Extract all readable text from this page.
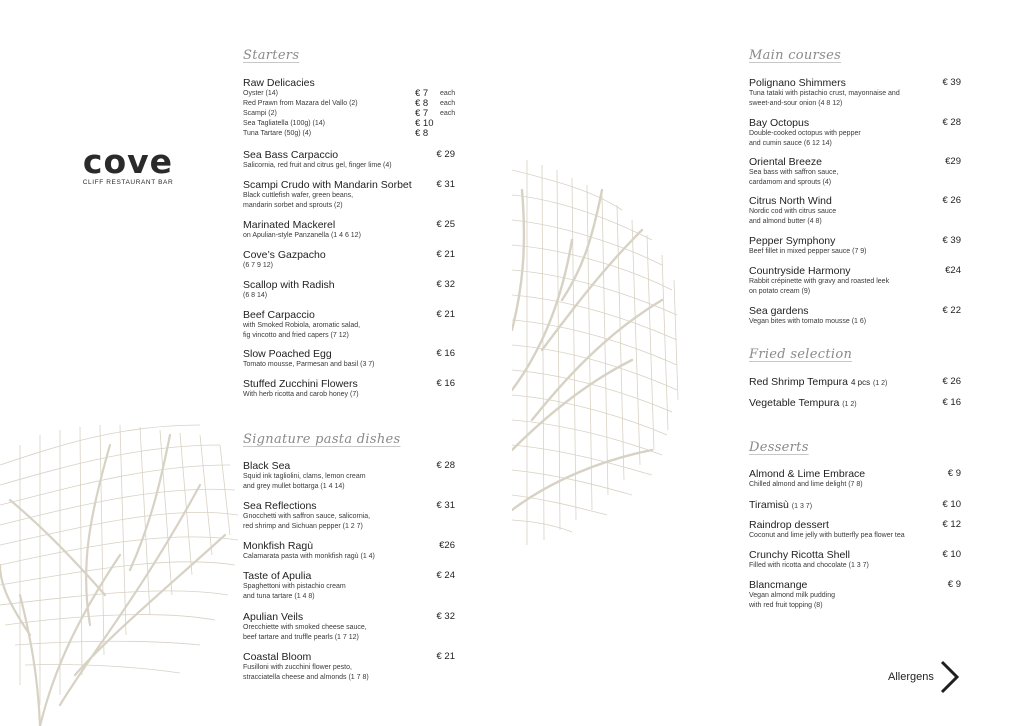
cove
CLIFF RESTAURANT BAR
Starters
Raw Delicacies
Oyster (14)	€ 7 each
Red Prawn from Mazara del Vallo (2)	€ 8 each
Scampi (2)	€ 7 each
Sea Tagliatella (100g) (14)	€ 10
Tuna Tartare (50g) (4)	€ 8
Sea Bass Carpaccio	€ 29
Salicornia, red fruit and citrus gel, finger lime (4)
Scampi Crudo with Mandarin Sorbet	€ 31
Black cuttlefish wafer, green beans,
mandarin sorbet and sprouts (2)
Marinated Mackerel	€ 25
on Apulian-style Panzanella (1 4 6 12)
Cove’s Gazpacho	€ 21
(6 7 9 12)
Scallop with Radish	€ 32
(6 8 14)
Beef Carpaccio	€ 21
with Smoked Robiola, aromatic salad,
fig vincotto and fried capers (7 12)
Slow Poached Egg	€ 16
Tomato mousse, Parmesan and basil (3 7)
Stuffed Zucchini Flowers	€ 16
With herb ricotta and carob honey (7)
Signature pasta dishes
Black Sea	€ 28
Squid ink tagliolini, clams, lemon cream
and grey mullet bottarga (1 4 14)
Sea Reflections	€ 31
Gnocchetti with saffron sauce, salicornia,
red shrimp and Sichuan pepper (1 2 7)
Monkfish Ragù	€26
Calamarata pasta with monkfish ragù (1 4)
Taste of Apulia	€ 24
Spaghettoni with pistachio cream
and tuna tartare (1 4 8)
Apulian Veils	€ 32
Orecchiette with smoked cheese sauce,
beef tartare and truffle pearls (1 7 12)
Coastal Bloom	€ 21
Fusilloni with zucchini flower pesto,
stracciatella cheese and almonds (1 7 8)
Main courses
Polignano Shimmers	€ 39
Tuna tataki with pistachio crust, mayonnaise and
sweet-and-sour onion (4 8 12)
Bay Octopus	€ 28
Double-cooked octopus with pepper
and cumin sauce (6 12 14)
Oriental Breeze	€29
Sea bass with saffron sauce,
cardamom and sprouts (4)
Citrus North Wind	€ 26
Nordic cod with citrus sauce
and almond butter (4 8)
Pepper Symphony	€ 39
Beef fillet in mixed pepper sauce (7 9)
Countryside Harmony	€24
Rabbit crépinette with gravy and roasted leek
on potato cream (9)
Sea gardens	€ 22
Vegan bites with tomato mousse (1 6)
Fried selection
Red Shrimp Tempura 4 pcs (1 2)	€ 26
Vegetable Tempura (1 2)	€ 16
Desserts
Almond & Lime Embrace	€ 9
Chilled almond and lime delight (7 8)
Tiramisù (1 3 7)	€ 10
Raindrop dessert	€ 12
Coconut and lime jelly with butterfly pea flower tea
Crunchy Ricotta Shell	€ 10
Filled with ricotta and chocolate (1 3 7)
Blancmange	€ 9
Vegan almond milk pudding
with red fruit topping (8)
Allergens
